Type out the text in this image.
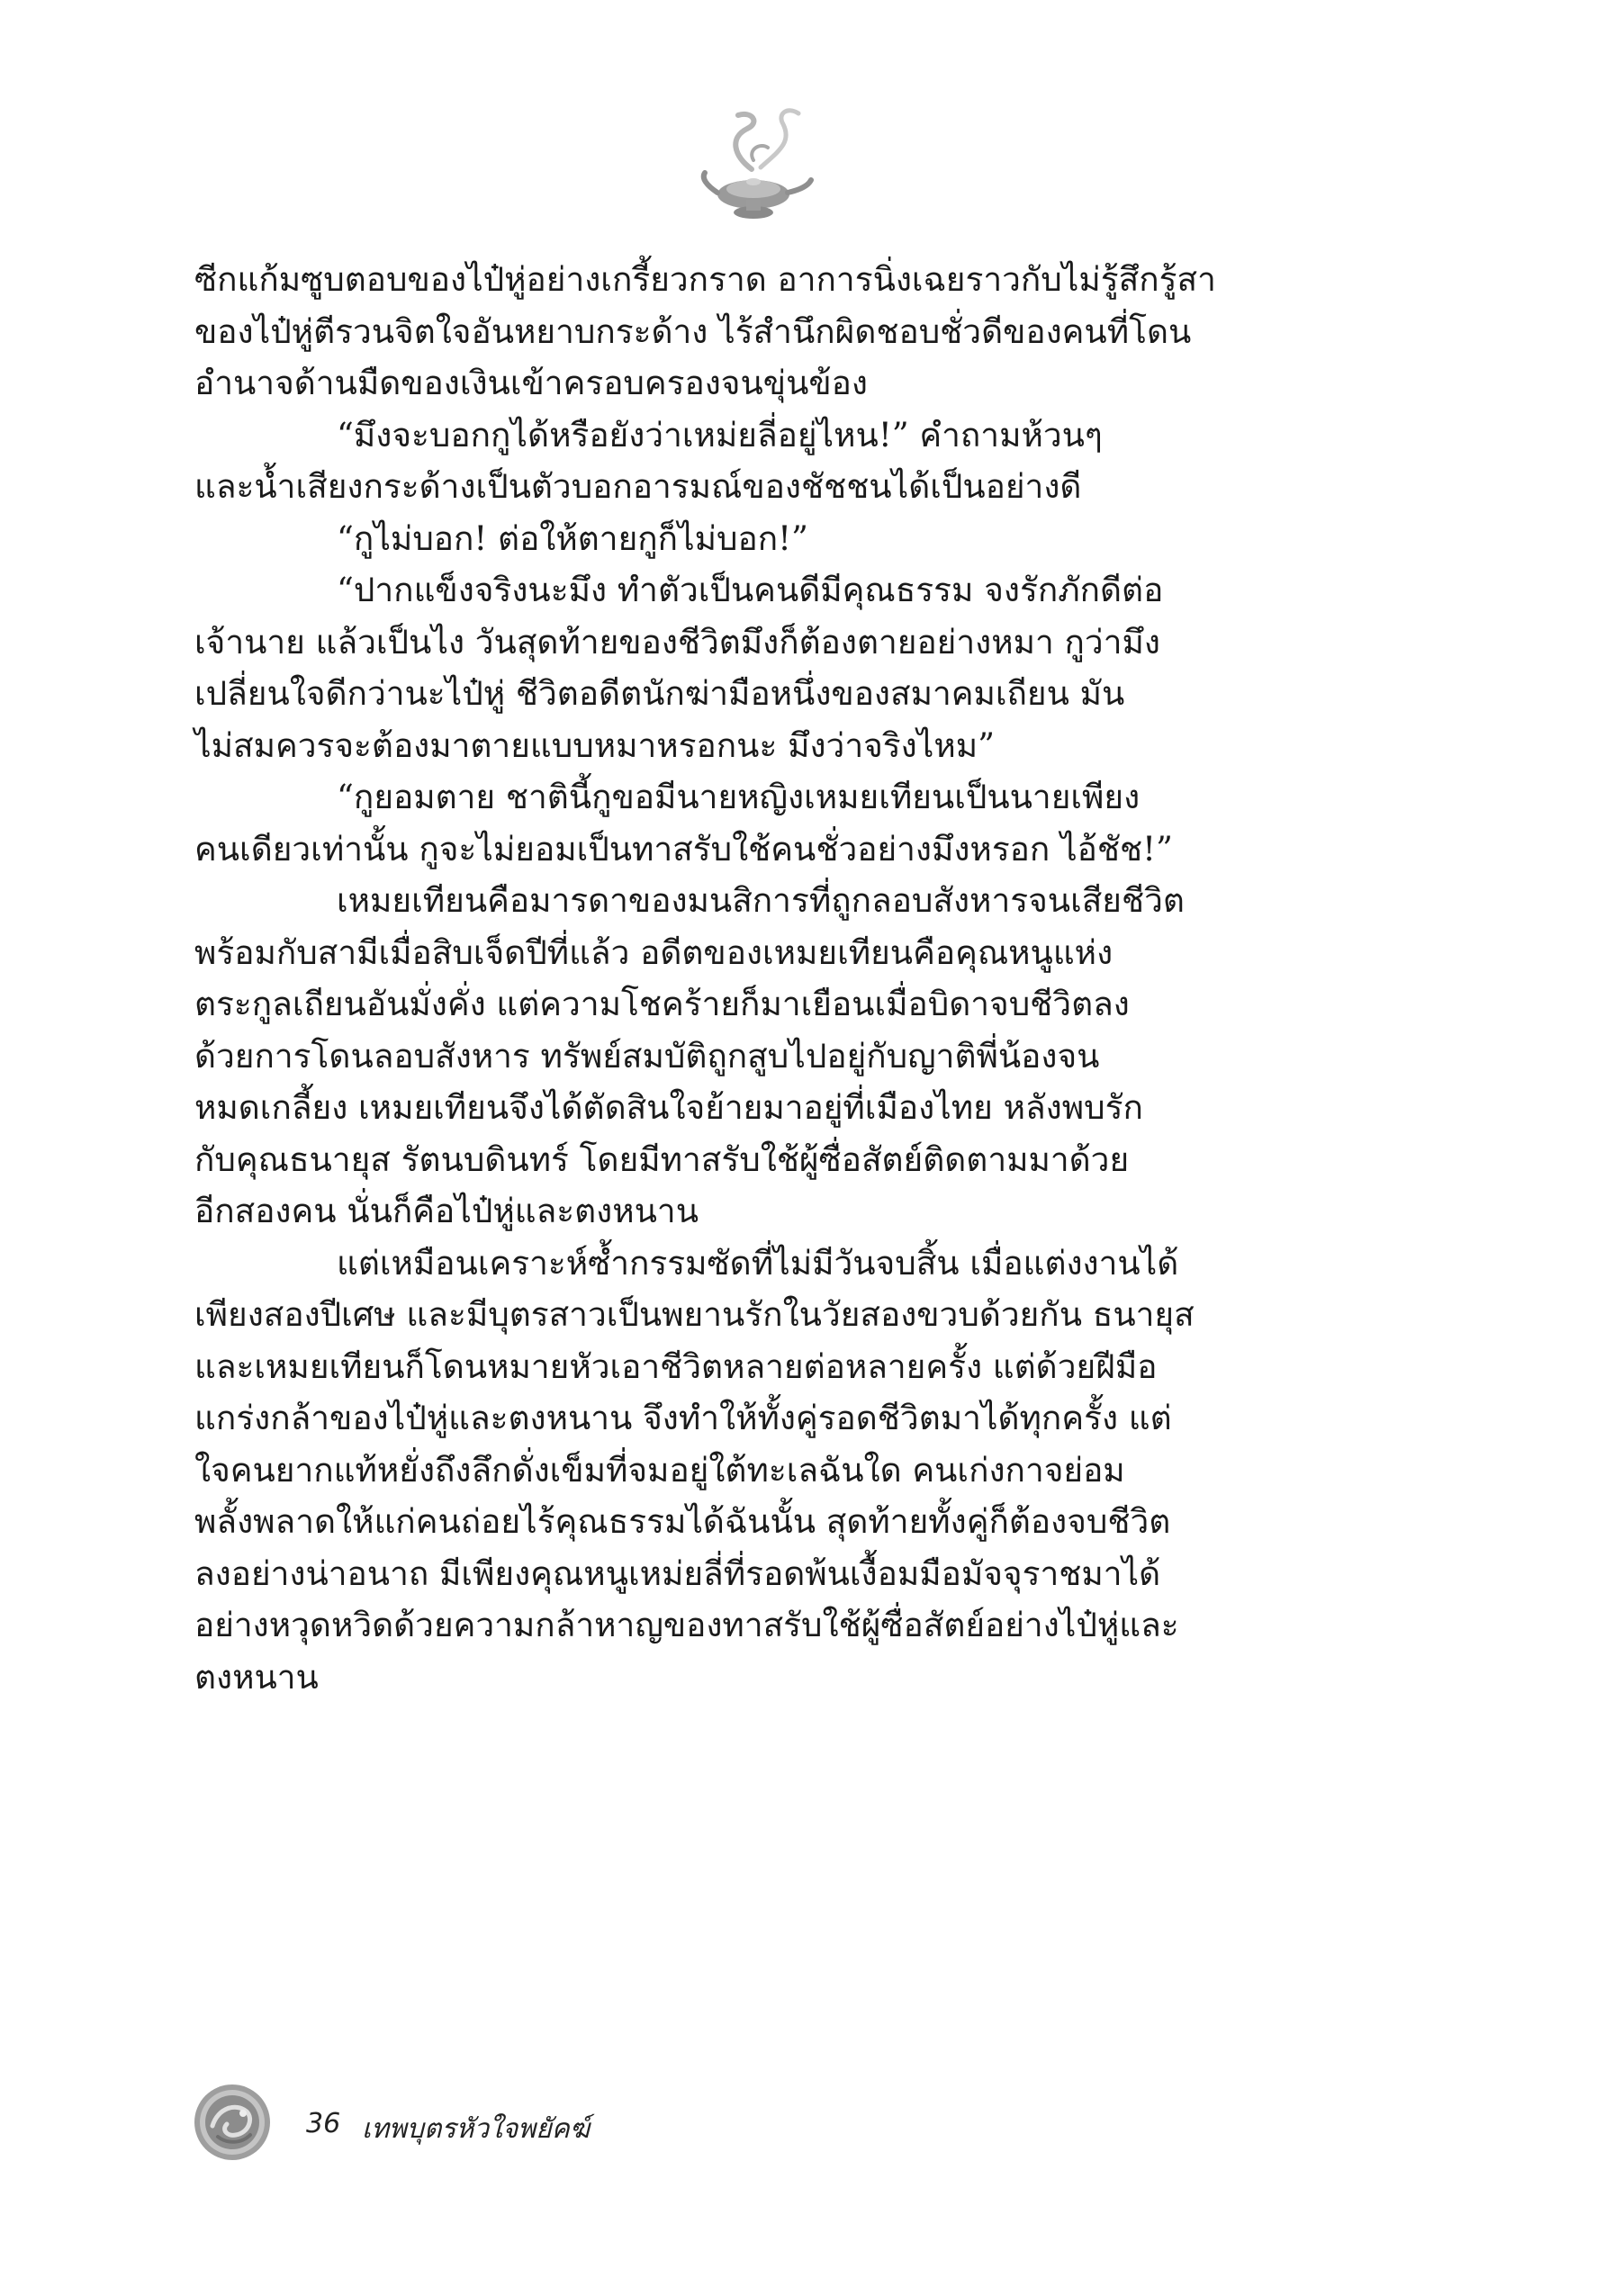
ซีกแก้มซูบตอบของไป๋หู่อย่างเกรี้ยวกราด อาการนิ่งเฉยราวกับไม่รู้สึกรู้สา
ของไป๋หู่ตีรวนจิตใจอันหยาบกระด้าง ไร้สำนึกผิดชอบชั่วดีของคนที่โดน
อำนาจด้านมืดของเงินเข้าครอบครองจนขุ่นข้อง

“มึงจะบอกกูได้หรือยังว่าเหม่ยลี่อยู่ไหน!” คำถามห้วนๆ
และน้ำเสียงกระด้างเป็นตัวบอกอารมณ์ของชัชชนได้เป็นอย่างดี

“กูไม่บอก! ต่อให้ตายกูก็ไม่บอก!”

“ปากแข็งจริงนะมึง ทำตัวเป็นคนดีมีคุณธรรม จงรักภักดีต่อ
เจ้านาย แล้วเป็นไง วันสุดท้ายของชีวิตมึงก็ต้องตายอย่างหมา กูว่ามึง
เปลี่ยนใจดีกว่านะไป๋หู่ ชีวิตอดีตนักฆ่ามือหนึ่งของสมาคมเถียน มัน
ไม่สมควรจะต้องมาตายแบบหมาหรอกนะ มึงว่าจริงไหม”

“กูยอมตาย ชาตินี้กูขอมีนายหญิงเหมยเทียนเป็นนายเพียง
คนเดียวเท่านั้น กูจะไม่ยอมเป็นทาสรับใช้คนชั่วอย่างมึงหรอก ไอ้ชัช!”

เหมยเทียนคือมารดาของมนสิการที่ถูกลอบสังหารจนเสียชีวิต
พร้อมกับสามีเมื่อสิบเจ็ดปีที่แล้ว อดีตของเหมยเทียนคือคุณหนูแห่ง
ตระกูลเถียนอันมั่งคั่ง แต่ความโชคร้ายก็มาเยือนเมื่อบิดาจบชีวิตลง
ด้วยการโดนลอบสังหาร ทรัพย์สมบัติถูกสูบไปอยู่กับญาติพี่น้องจน
หมดเกลี้ยง เหมยเทียนจึงได้ตัดสินใจย้ายมาอยู่ที่เมืองไทย หลังพบรัก
กับคุณธนายุส รัตนบดินทร์ โดยมีทาสรับใช้ผู้ซื่อสัตย์ติดตามมาด้วย
อีกสองคน นั่นก็คือไป๋หู่และตงหนาน

แต่เหมือนเคราะห์ซ้ำกรรมซัดที่ไม่มีวันจบสิ้น เมื่อแต่งงานได้
เพียงสองปีเศษ และมีบุตรสาวเป็นพยานรักในวัยสองขวบด้วยกัน ธนายุส
และเหมยเทียนก็โดนหมายหัวเอาชีวิตหลายต่อหลายครั้ง แต่ด้วยฝีมือ
แกร่งกล้าของไป๋หู่และตงหนาน จึงทำให้ทั้งคู่รอดชีวิตมาได้ทุกครั้ง แต่
ใจคนยากแท้หยั่งถึงลึกดั่งเข็มที่จมอยู่ใต้ทะเลฉันใด คนเก่งกาจย่อม
พลั้งพลาดให้แก่คนถ่อยไร้คุณธรรมได้ฉันนั้น สุดท้ายทั้งคู่ก็ต้องจบชีวิต
ลงอย่างน่าอนาถ มีเพียงคุณหนูเหม่ยลี่ที่รอดพ้นเงื้อมมือมัจจุราชมาได้
อย่างหวุดหวิดด้วยความกล้าหาญของทาสรับใช้ผู้ซื่อสัตย์อย่างไป๋หู่และ
ตงหนาน

36 เทพบุตรหัวใจพยัคฆ์
